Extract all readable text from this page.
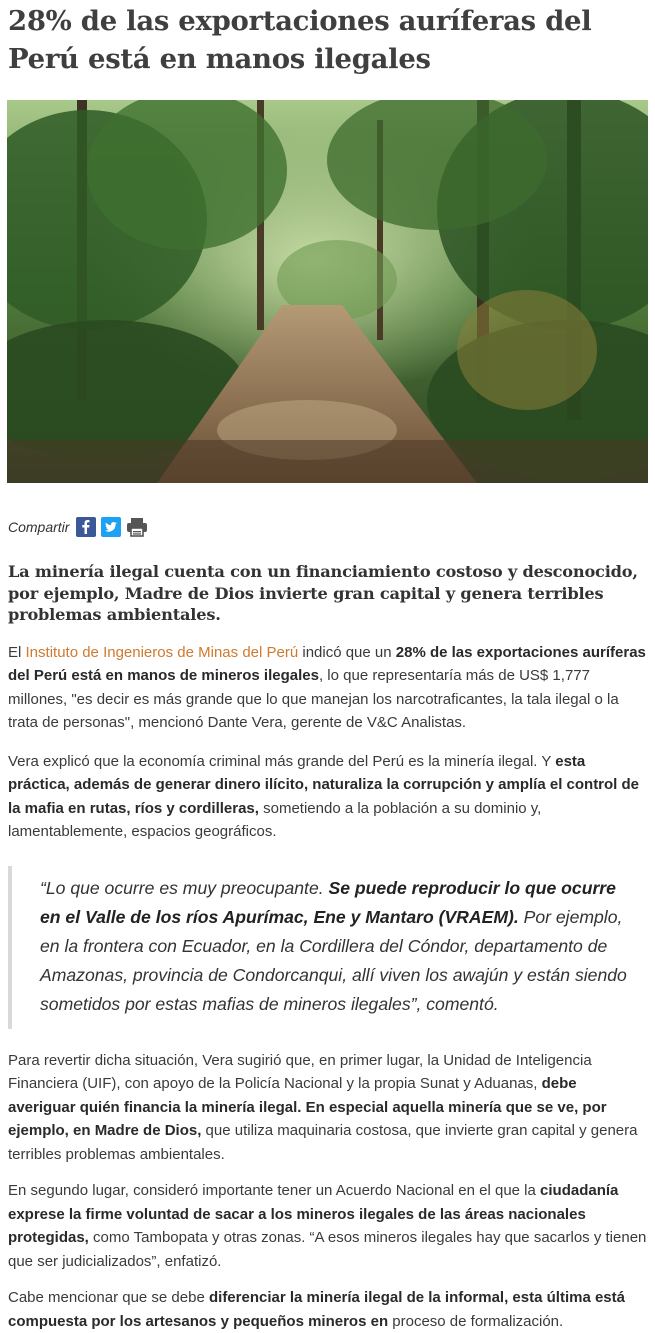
28% de las exportaciones auríferas del Perú está en manos ilegales
Compartir
La minería ilegal cuenta con un financiamiento costoso y desconocido, por ejemplo, Madre de Dios invierte gran capital y genera terribles problemas ambientales.

El Instituto de Ingenieros de Minas del Perú indicó que un 28% de las exportaciones auríferas del Perú está en manos de mineros ilegales, lo que representaría más de US$ 1,777 millones, "es decir es más grande que lo que manejan los narcotraficantes, la tala ilegal o la trata de personas", mencionó Dante Vera, gerente de V&C Analistas.

Vera explicó que la economía criminal más grande del Perú es la minería ilegal. Y esta práctica, además de generar dinero ilícito, naturaliza la corrupción y amplía el control de la mafia en rutas, ríos y cordilleras, sometiendo a la población a su dominio y, lamentablemente, espacios geográficos.

“Lo que ocurre es muy preocupante. Se puede reproducir lo que ocurre en el Valle de los ríos Apurímac, Ene y Mantaro (VRAEM). Por ejemplo, en la frontera con Ecuador, en la Cordillera del Cóndor, departamento de Amazonas, provincia de Condorcanqui, allí viven los awajún y están siendo sometidos por estas mafias de mineros ilegales”, comentó.

Para revertir dicha situación, Vera sugirió que, en primer lugar, la Unidad de Inteligencia Financiera (UIF), con apoyo de la Policía Nacional y la propia Sunat y Aduanas, debe averiguar quién financia la minería ilegal. En especial aquella minería que se ve, por ejemplo, en Madre de Dios, que utiliza maquinaria costosa, que invierte gran capital y genera terribles problemas ambientales.

En segundo lugar, consideró importante tener un Acuerdo Nacional en el que la ciudadanía exprese la firme voluntad de sacar a los mineros ilegales de las áreas nacionales protegidas, como Tambopata y otras zonas. “A esos mineros ilegales hay que sacarlos y tienen que ser judicializados”, enfatizó.

Cabe mencionar que se debe diferenciar la minería ilegal de la informal, esta última está compuesta por los artesanos y pequeños mineros en proceso de formalización.
